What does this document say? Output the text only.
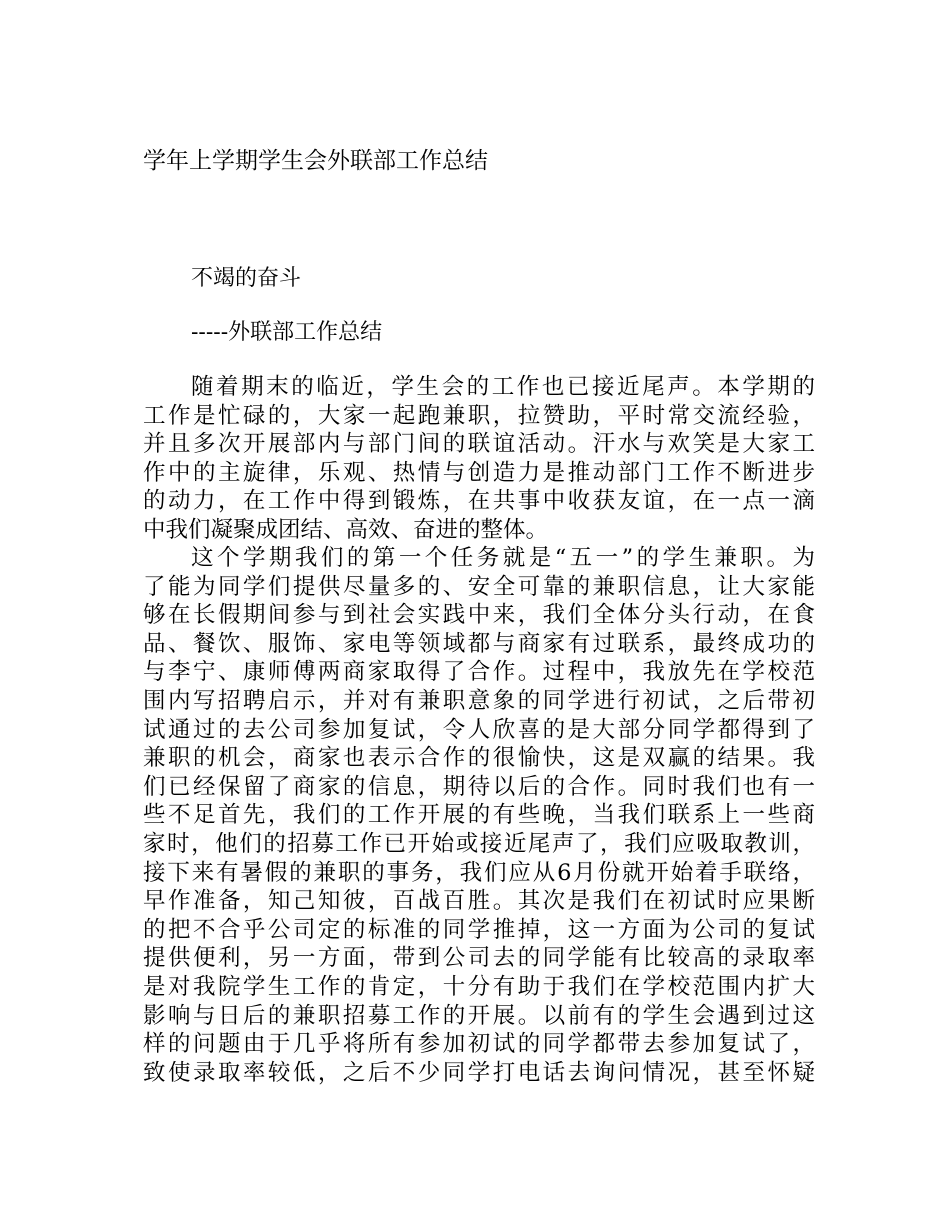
学年上学期学生会外联部工作总结

不竭的奋斗

-----外联部工作总结

随着期末的临近，学生会的工作也已接近尾声。本学期的
工作是忙碌的，大家一起跑兼职，拉赞助，平时常交流经验，
并且多次开展部内与部门间的联谊活动。汗水与欢笑是大家工
作中的主旋律，乐观、热情与创造力是推动部门工作不断进步
的动力，在工作中得到锻炼，在共事中收获友谊，在一点一滴
中我们凝聚成团结、高效、奋进的整体。
这个学期我们的第一个任务就是“五一”的学生兼职。为
了能为同学们提供尽量多的、安全可靠的兼职信息，让大家能
够在长假期间参与到社会实践中来，我们全体分头行动，在食
品、餐饮、服饰、家电等领域都与商家有过联系，最终成功的
与李宁、康师傅两商家取得了合作。过程中，我放先在学校范
围内写招聘启示，并对有兼职意象的同学进行初试，之后带初
试通过的去公司参加复试，令人欣喜的是大部分同学都得到了
兼职的机会，商家也表示合作的很愉快，这是双赢的结果。我
们已经保留了商家的信息，期待以后的合作。同时我们也有一
些不足首先，我们的工作开展的有些晚，当我们联系上一些商
家时，他们的招募工作已开始或接近尾声了，我们应吸取教训，
接下来有暑假的兼职的事务，我们应从6月份就开始着手联络，
早作准备，知己知彼，百战百胜。其次是我们在初试时应果断
的把不合乎公司定的标准的同学推掉，这一方面为公司的复试
提供便利，另一方面，带到公司去的同学能有比较高的录取率
是对我院学生工作的肯定，十分有助于我们在学校范围内扩大
影响与日后的兼职招募工作的开展。以前有的学生会遇到过这
样的问题由于几乎将所有参加初试的同学都带去参加复试了，
致使录取率较低，之后不少同学打电话去询问情况，甚至怀疑
